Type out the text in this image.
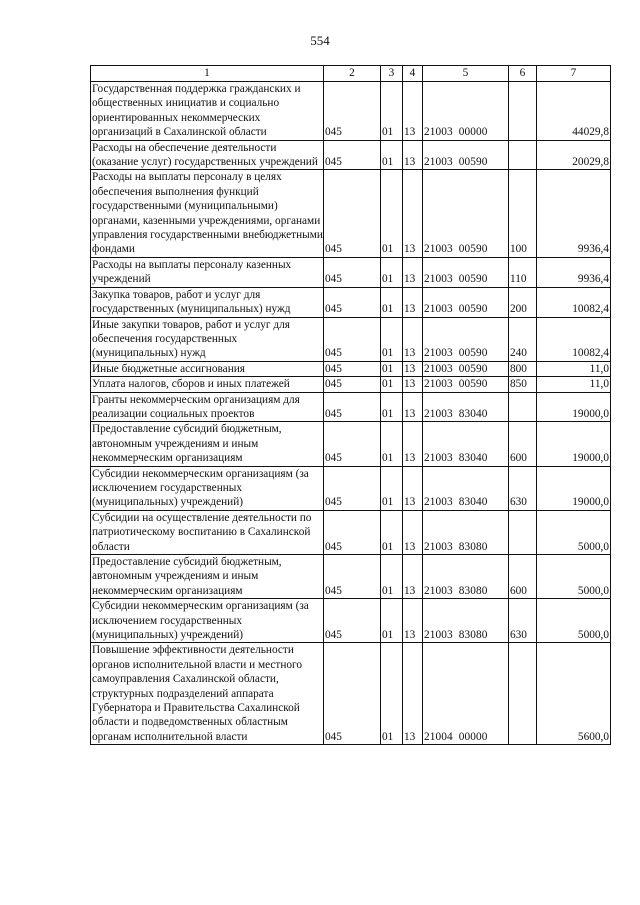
554
1	2	3	4	5	6	7
Государственная поддержка гражданских и общественных инициатив и социально ориентированных некоммерческих организаций в Сахалинской области	045	01	13	21003 00000		44029,8
Расходы на обеспечение деятельности (оказание услуг) государственных учреждений	045	01	13	21003 00590		20029,8
Расходы на выплаты персоналу в целях обеспечения выполнения функций государственными (муниципальными) органами, казенными учреждениями, органами управления государственными внебюджетными фондами	045	01	13	21003 00590	100	9936,4
Расходы на выплаты персоналу казенных учреждений	045	01	13	21003 00590	110	9936,4
Закупка товаров, работ и услуг для государственных (муниципальных) нужд	045	01	13	21003 00590	200	10082,4
Иные закупки товаров, работ и услуг для обеспечения государственных (муниципальных) нужд	045	01	13	21003 00590	240	10082,4
Иные бюджетные ассигнования	045	01	13	21003 00590	800	11,0
Уплата налогов, сборов и иных платежей	045	01	13	21003 00590	850	11,0
Гранты некоммерческим организациям для реализации социальных проектов	045	01	13	21003 83040		19000,0
Предоставление субсидий бюджетным, автономным учреждениям и иным некоммерческим организациям	045	01	13	21003 83040	600	19000,0
Субсидии некоммерческим организациям (за исключением государственных (муниципальных) учреждений)	045	01	13	21003 83040	630	19000,0
Субсидии на осуществление деятельности по патриотическому воспитанию в Сахалинской области	045	01	13	21003 83080		5000,0
Предоставление субсидий бюджетным, автономным учреждениям и иным некоммерческим организациям	045	01	13	21003 83080	600	5000,0
Субсидии некоммерческим организациям (за исключением государственных (муниципальных) учреждений)	045	01	13	21003 83080	630	5000,0
Повышение эффективности деятельности органов исполнительной власти и местного самоуправления Сахалинской области, структурных подразделений аппарата Губернатора и Правительства Сахалинской области и подведомственных областным органам исполнительной власти	045	01	13	21004 00000		5600,0
